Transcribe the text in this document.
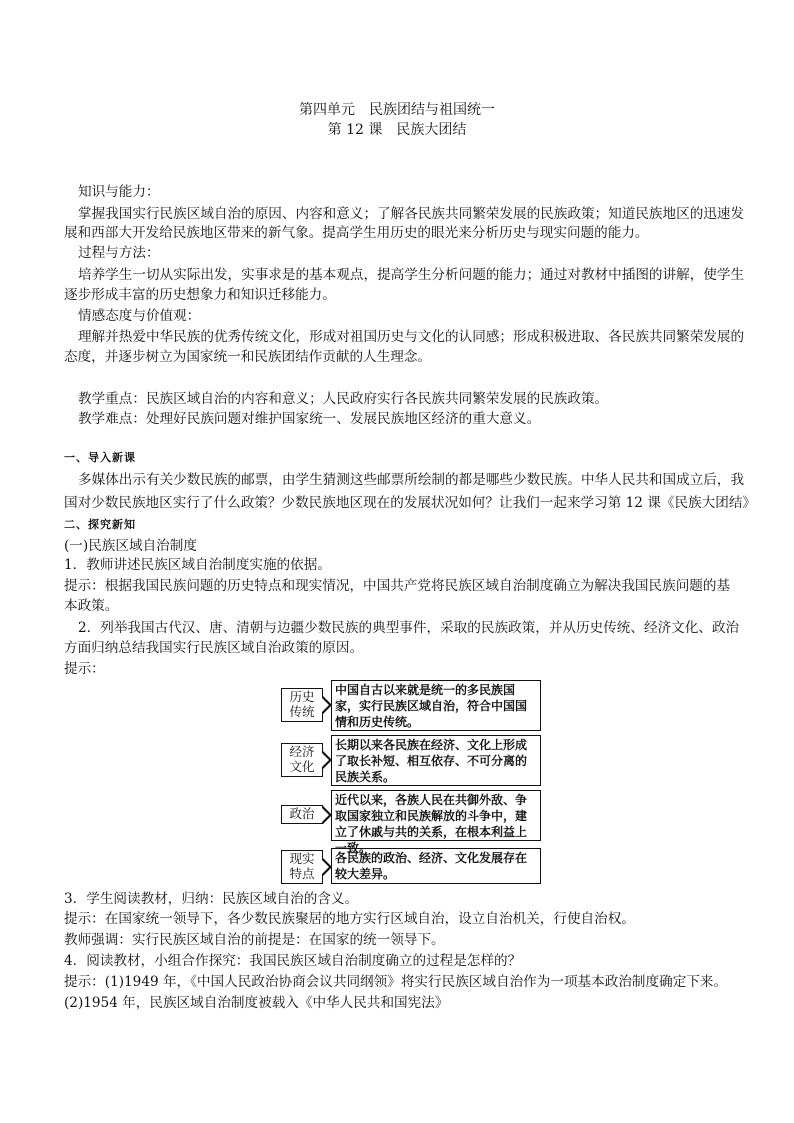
第四单元　民族团结与祖国统一
第 12 课　民族大团结
知识与能力：
掌握我国实行民族区域自治的原因、内容和意义；了解各民族共同繁荣发展的民族政策；知道民族地区的迅速发
展和西部大开发给民族地区带来的新气象。提高学生用历史的眼光来分析历史与现实问题的能力。
过程与方法：
培养学生一切从实际出发，实事求是的基本观点，提高学生分析问题的能力；通过对教材中插图的讲解，使学生
逐步形成丰富的历史想象力和知识迁移能力。
情感态度与价值观：
理解并热爱中华民族的优秀传统文化，形成对祖国历史与文化的认同感；形成积极进取、各民族共同繁荣发展的
态度，并逐步树立为国家统一和民族团结作贡献的人生理念。
教学重点：民族区域自治的内容和意义；人民政府实行各民族共同繁荣发展的民族政策。
教学难点：处理好民族问题对维护国家统一、发展民族地区经济的重大意义。
一、导入新课
多媒体出示有关少数民族的邮票，由学生猜测这些邮票所绘制的都是哪些少数民族。中华人民共和国成立后，我
国对少数民族地区实行了什么政策？少数民族地区现在的发展状况如何？让我们一起来学习第 12 课《民族大团结》
二、探究新知
(一)民族区域自治制度
1．教师讲述民族区域自治制度实施的依据。
提示：根据我国民族问题的历史特点和现实情况，中国共产党将民族区域自治制度确立为解决我国民族问题的基
本政策。
2．列举我国古代汉、唐、清朝与边疆少数民族的典型事件，采取的民族政策，并从历史传统、经济文化、政治
方面归纳总结我国实行民族区域自治政策的原因。
提示：
历史
传统
中国自古以来就是统一的多民族国家，实行民族区域自治，符合中国国情和历史传统。
经济
文化
长期以来各民族在经济、文化上形成了取长补短、相互依存、不可分离的民族关系。
政治
近代以来，各族人民在共御外敌、争取国家独立和民族解放的斗争中，建立了休戚与共的关系，在根本利益上一致。
现实
特点
各民族的政治、经济、文化发展存在较大差异。
3．学生阅读教材，归纳：民族区域自治的含义。
提示：在国家统一领导下，各少数民族聚居的地方实行区域自治，设立自治机关，行使自治权。
教师强调：实行民族区域自治的前提是：在国家的统一领导下。
4．阅读教材，小组合作探究：我国民族区域自治制度确立的过程是怎样的？
提示：(1)1949 年，《中国人民政治协商会议共同纲领》将实行民族区域自治作为一项基本政治制度确定下来。
(2)1954 年，民族区域自治制度被载入《中华人民共和国宪法》
